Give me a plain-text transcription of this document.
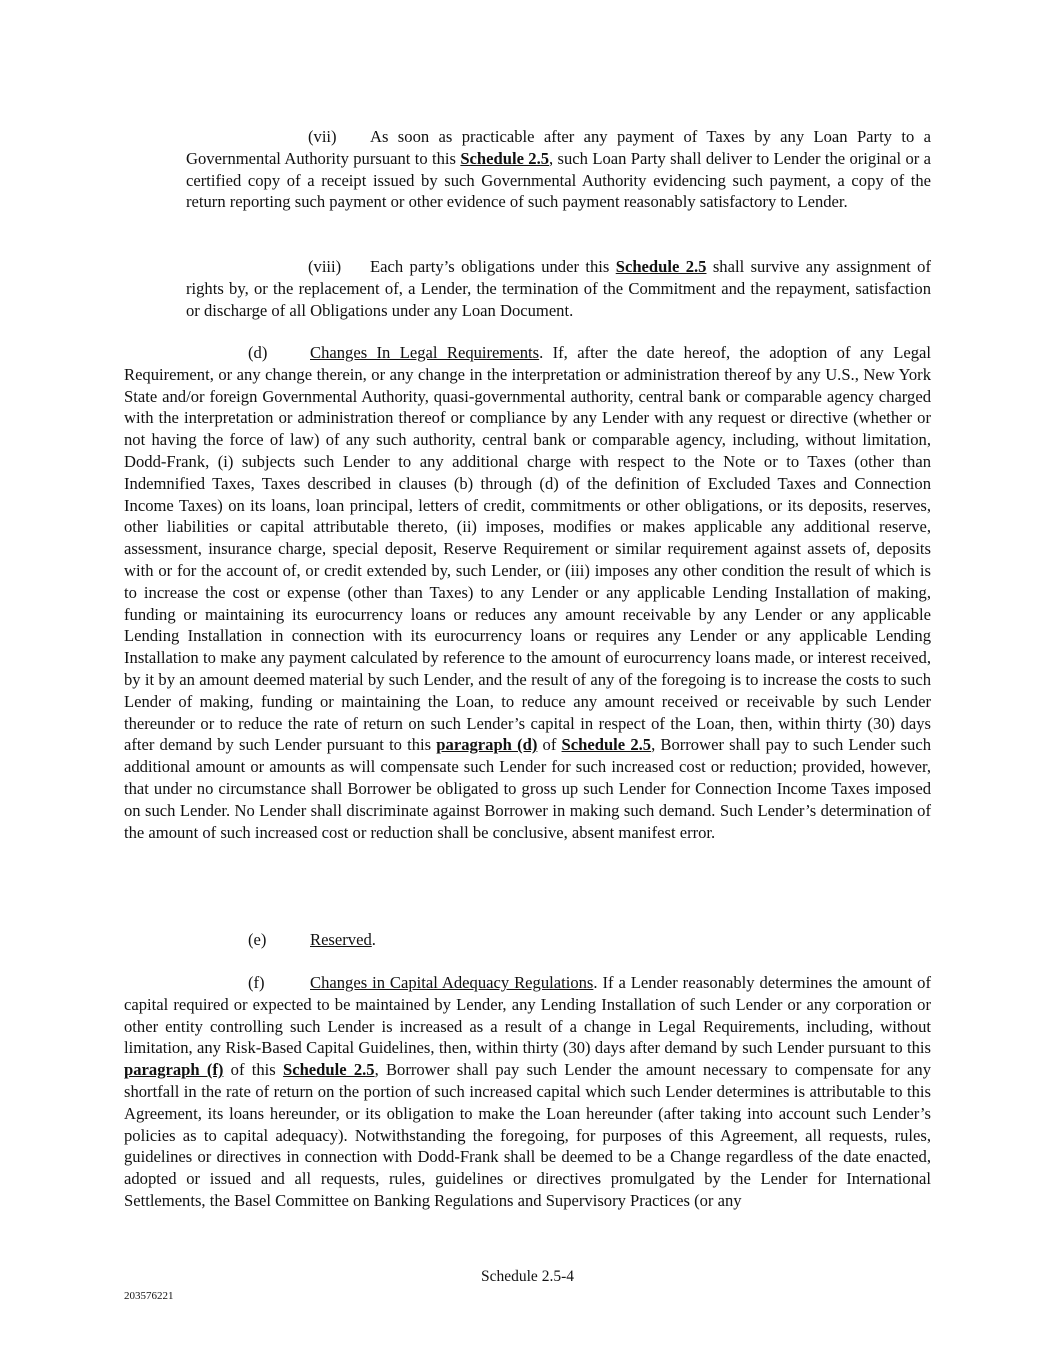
(vii) As soon as practicable after any payment of Taxes by any Loan Party to a Governmental Authority pursuant to this Schedule 2.5, such Loan Party shall deliver to Lender the original or a certified copy of a receipt issued by such Governmental Authority evidencing such payment, a copy of the return reporting such payment or other evidence of such payment reasonably satisfactory to Lender.

(viii) Each party’s obligations under this Schedule 2.5 shall survive any assignment of rights by, or the replacement of, a Lender, the termination of the Commitment and the repayment, satisfaction or discharge of all Obligations under any Loan Document.

(d)	Changes In Legal Requirements. If, after the date hereof, the adoption of any Legal Requirement, or any change therein, or any change in the interpretation or administration thereof by any U.S., New York State and/or foreign Governmental Authority, quasi-governmental authority, central bank or comparable agency charged with the interpretation or administration thereof or compliance by any Lender with any request or directive (whether or not having the force of law) of any such authority, central bank or comparable agency, including, without limitation, Dodd-Frank, (i) subjects such Lender to any additional charge with respect to the Note or to Taxes (other than Indemnified Taxes, Taxes described in clauses (b) through (d) of the definition of Excluded Taxes and Connection Income Taxes) on its loans, loan principal, letters of credit, commitments or other obligations, or its deposits, reserves, other liabilities or capital attributable thereto, (ii) imposes, modifies or makes applicable any additional reserve, assessment, insurance charge, special deposit, Reserve Requirement or similar requirement against assets of, deposits with or for the account of, or credit extended by, such Lender, or (iii) imposes any other condition the result of which is to increase the cost or expense (other than Taxes) to any Lender or any applicable Lending Installation of making, funding or maintaining its eurocurrency loans or reduces any amount receivable by any Lender or any applicable Lending Installation in connection with its eurocurrency loans or requires any Lender or any applicable Lending Installation to make any payment calculated by reference to the amount of eurocurrency loans made, or interest received, by it by an amount deemed material by such Lender, and the result of any of the foregoing is to increase the costs to such Lender of making, funding or maintaining the Loan, to reduce any amount received or receivable by such Lender thereunder or to reduce the rate of return on such Lender’s capital in respect of the Loan, then, within thirty (30) days after demand by such Lender pursuant to this paragraph (d) of Schedule 2.5, Borrower shall pay to such Lender such additional amount or amounts as will compensate such Lender for such increased cost or reduction; provided, however, that under no circumstance shall Borrower be obligated to gross up such Lender for Connection Income Taxes imposed on such Lender. No Lender shall discriminate against Borrower in making such demand. Such Lender’s determination of the amount of such increased cost or reduction shall be conclusive, absent manifest error.

(e)	Reserved.

(f)	Changes in Capital Adequacy Regulations. If a Lender reasonably determines the amount of capital required or expected to be maintained by Lender, any Lending Installation of such Lender or any corporation or other entity controlling such Lender is increased as a result of a change in Legal Requirements, including, without limitation, any Risk-Based Capital Guidelines, then, within thirty (30) days after demand by such Lender pursuant to this paragraph (f) of this Schedule 2.5, Borrower shall pay such Lender the amount necessary to compensate for any shortfall in the rate of return on the portion of such increased capital which such Lender determines is attributable to this Agreement, its loans hereunder, or its obligation to make the Loan hereunder (after taking into account such Lender’s policies as to capital adequacy). Notwithstanding the foregoing, for purposes of this Agreement, all requests, rules, guidelines or directives in connection with Dodd-Frank shall be deemed to be a Change regardless of the date enacted, adopted or issued and all requests, rules, guidelines or directives promulgated by the Lender for International Settlements, the Basel Committee on Banking Regulations and Supervisory Practices (or any

Schedule 2.5-4
203576221
